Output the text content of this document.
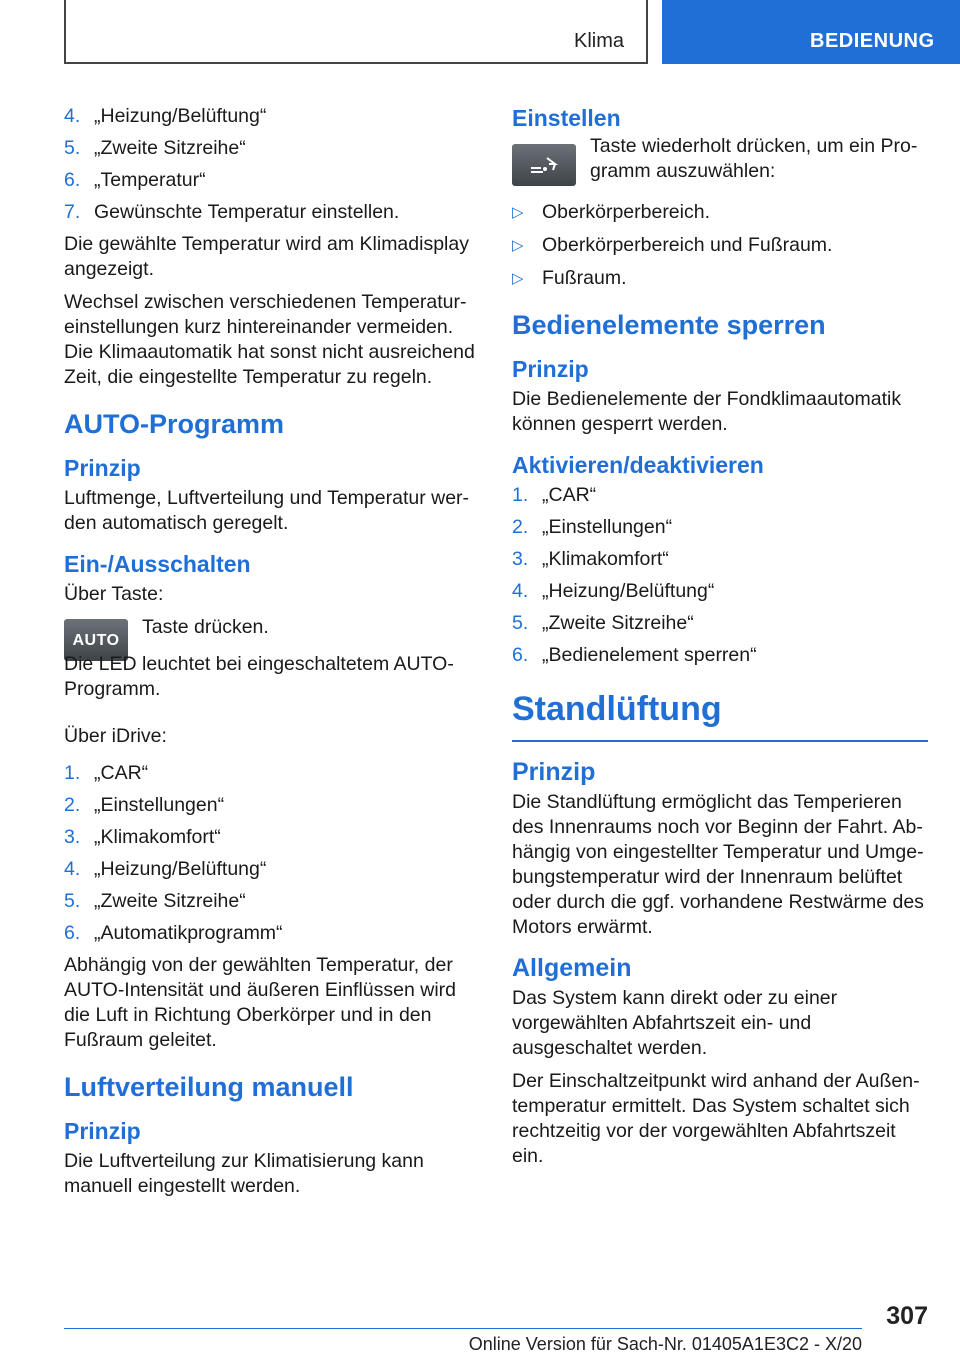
Klima	BEDIENUNG
4. „Heizung/Belüftung“
5. „Zweite Sitzreihe“
6. „Temperatur“
7. Gewünschte Temperatur einstellen.

Die gewählte Temperatur wird am Klimadisplay angezeigt.

Wechsel zwischen verschiedenen Temperatureinstellungen kurz hintereinander vermeiden. Die Klimaautomatik hat sonst nicht ausreichend Zeit, die eingestellte Temperatur zu regeln.

AUTO-Programm
Prinzip

Luftmenge, Luftverteilung und Temperatur werden automatisch geregelt.

Ein-/Ausschalten

Über Taste:

AUTO

Taste drücken.

Die LED leuchtet bei eingeschaltetem AUTO-Programm.

Über iDrive:

1. „CAR“
2. „Einstellungen“
3. „Klimakomfort“
4. „Heizung/Belüftung“
5. „Zweite Sitzreihe“
6. „Automatikprogramm“

Abhängig von der gewählten Temperatur, der AUTO-Intensität und äußeren Einflüssen wird die Luft in Richtung Oberkörper und in den Fußraum geleitet.

Luftverteilung manuell
Prinzip

Die Luftverteilung zur Klimatisierung kann manuell eingestellt werden.

Einstellen

Taste wiederholt drücken, um ein Programm auszuwählen:

▷ Oberkörperbereich.
▷ Oberkörperbereich und Fußraum.
▷ Fußraum.
Bedienelemente sperren
Prinzip

Die Bedienelemente der Fondklimaautomatik können gesperrt werden.

Aktivieren/deaktivieren
1. „CAR“
2. „Einstellungen“
3. „Klimakomfort“
4. „Heizung/Belüftung“
5. „Zweite Sitzreihe“
6. „Bedienelement sperren“
Standlüftung
Prinzip

Die Standlüftung ermöglicht das Temperieren des Innenraums noch vor Beginn der Fahrt. Abhängig von eingestellter Temperatur und Umgebungstemperatur wird der Innenraum belüftet oder durch die ggf. vorhandene Restwärme des Motors erwärmt.

Allgemein

Das System kann direkt oder zu einer vorgewählten Abfahrtszeit ein- und ausgeschaltet werden.

Der Einschaltzeitpunkt wird anhand der Außentemperatur ermittelt. Das System schaltet sich rechtzeitig vor der vorgewählten Abfahrtszeit ein.

307
Online Version für Sach-Nr. 01405A1E3C2 - X/20
